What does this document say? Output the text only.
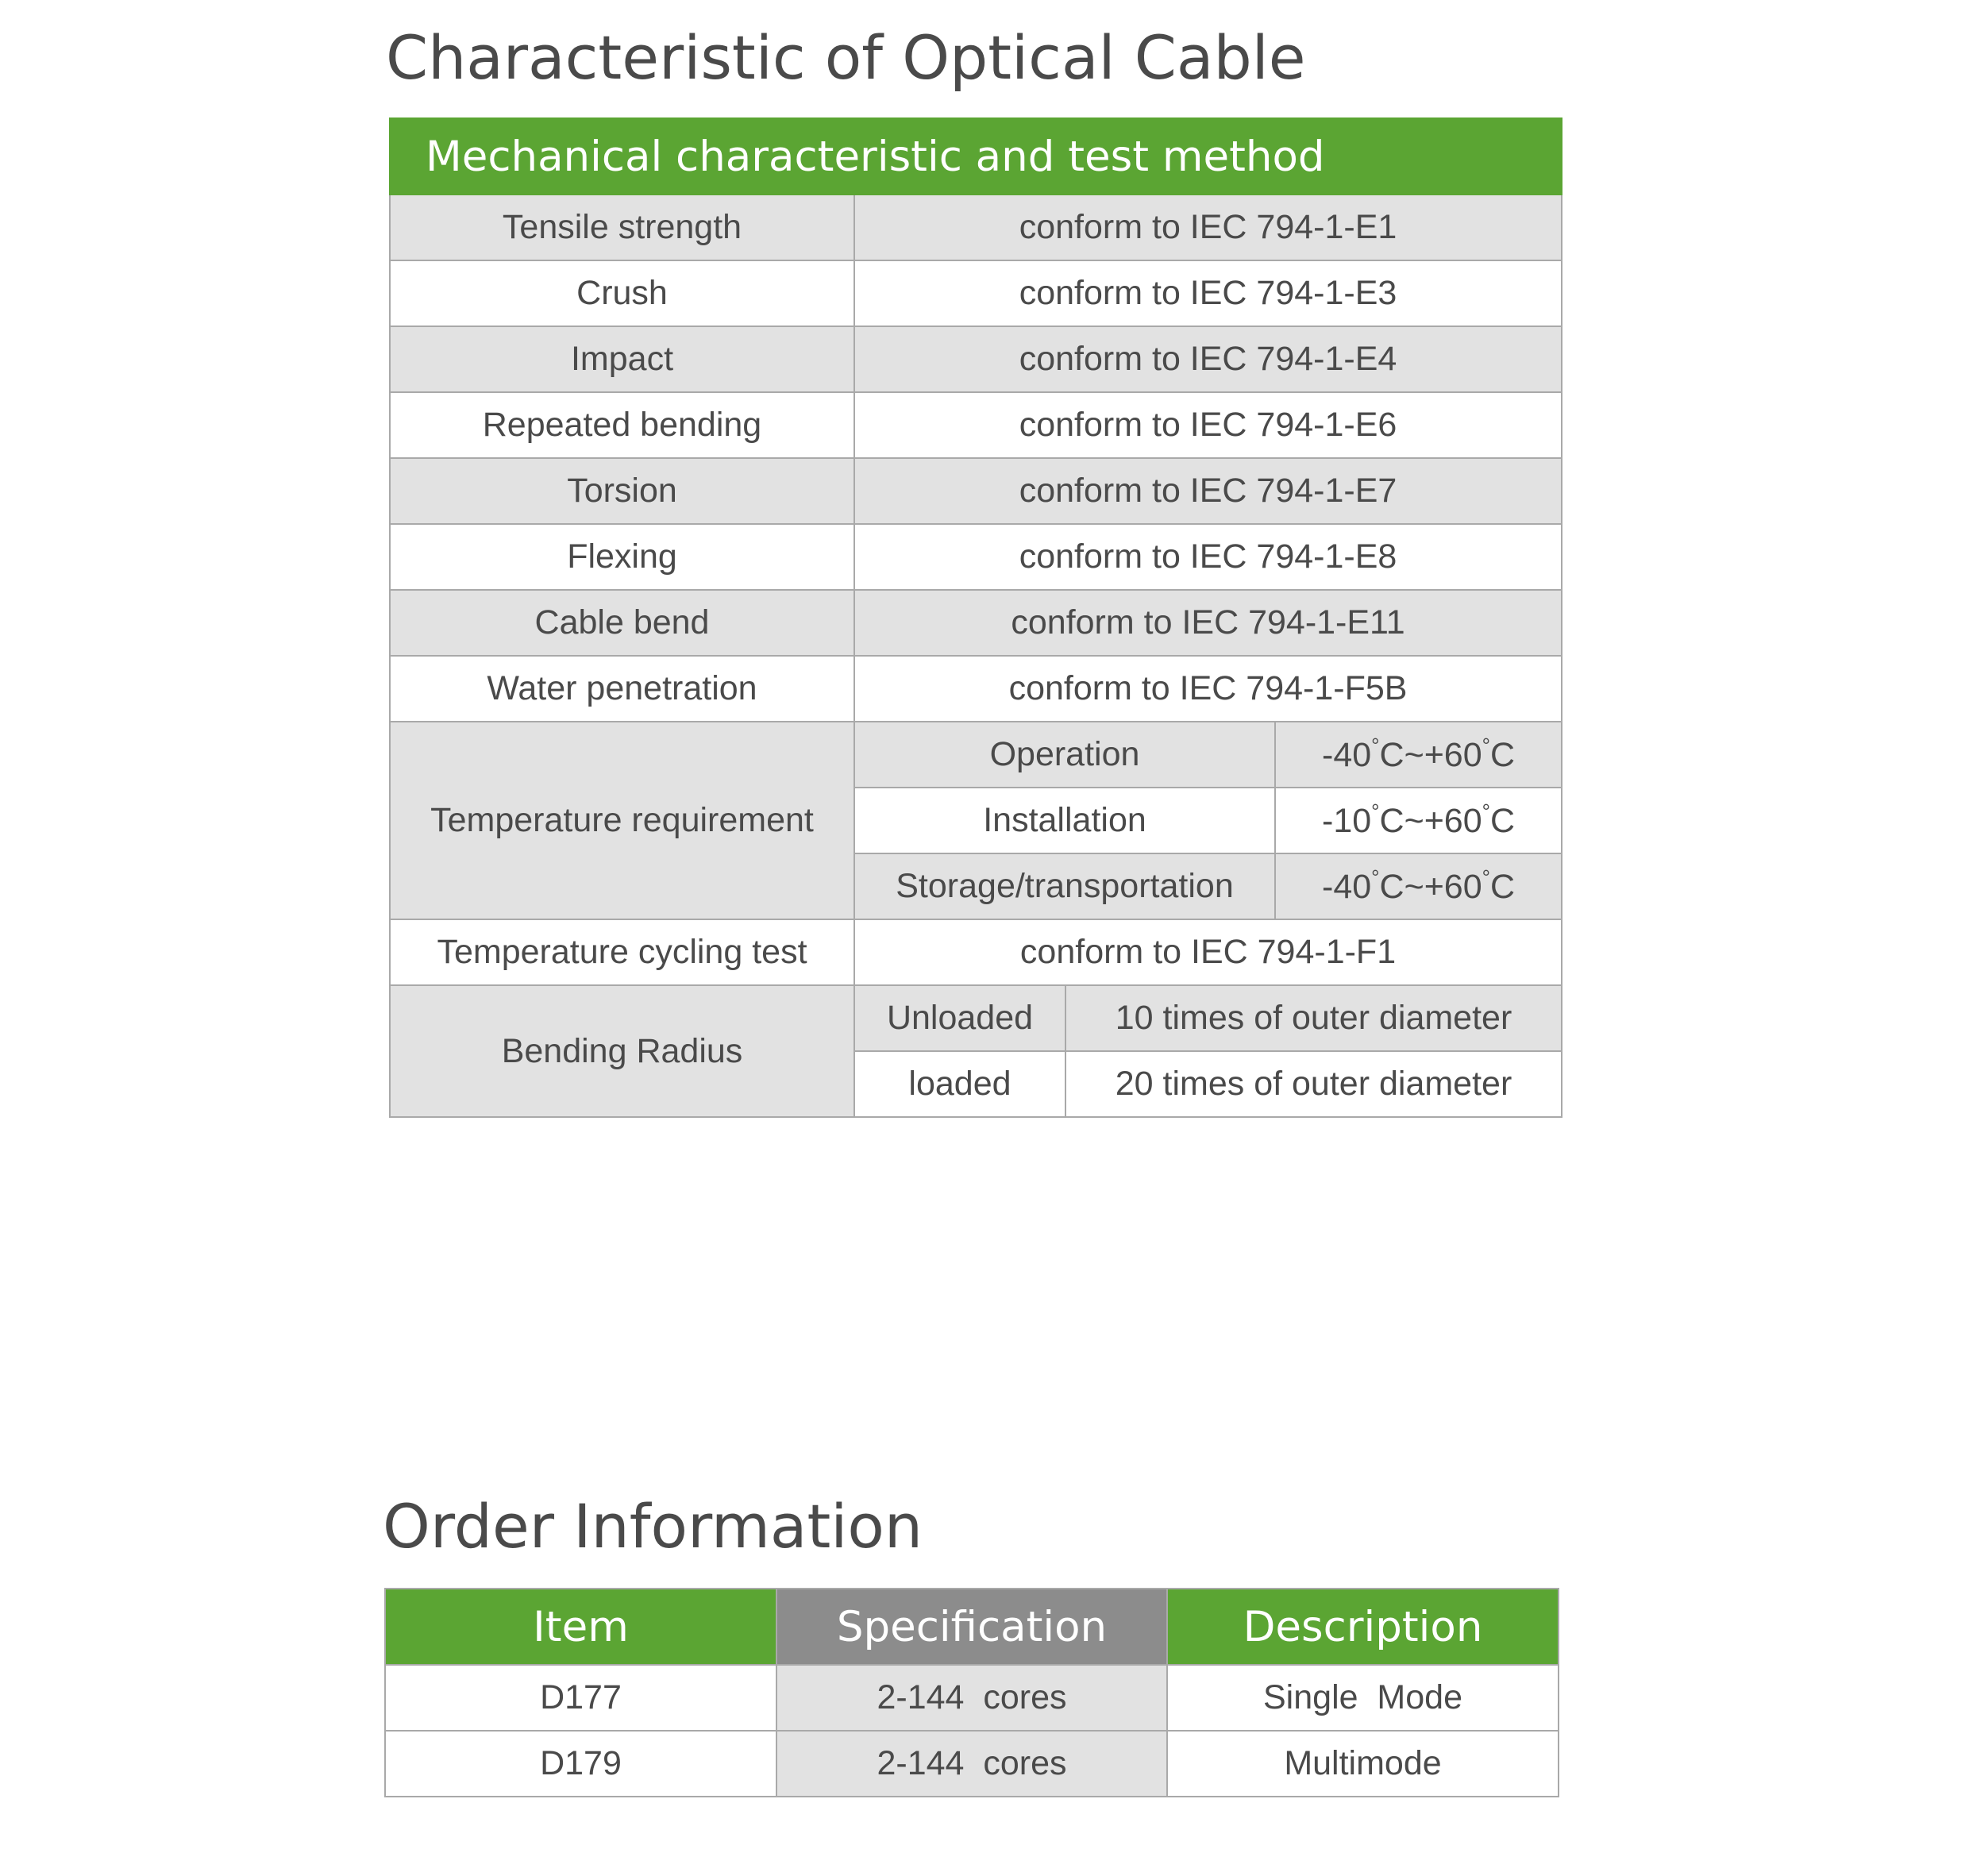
Characteristic of Optical Cable
Mechanical characteristic and test method			
Tensile strength	conform to IEC 794-1-E1		
Crush	conform to IEC 794-1-E3		
Impact	conform to IEC 794-1-E4		
Repeated bending	conform to IEC 794-1-E6		
Torsion	conform to IEC 794-1-E7		
Flexing	conform to IEC 794-1-E8		
Cable bend	conform to IEC 794-1-E11		
Water penetration	conform to IEC 794-1-F5B		
Temperature requirement	Operation		-40°C~+60°C
	Installation		-10°C~+60°C
	Storage/transportation		-40°C~+60°C
Temperature cycling test	conform to IEC 794-1-F1		
Bending Radius	Unloaded	10 times of outer diameter	
	loaded	20 times of outer diameter	
Order Information
Item	Specification	Description
D177	2-144  cores	Single  Mode
D179	2-144  cores	Multimode
